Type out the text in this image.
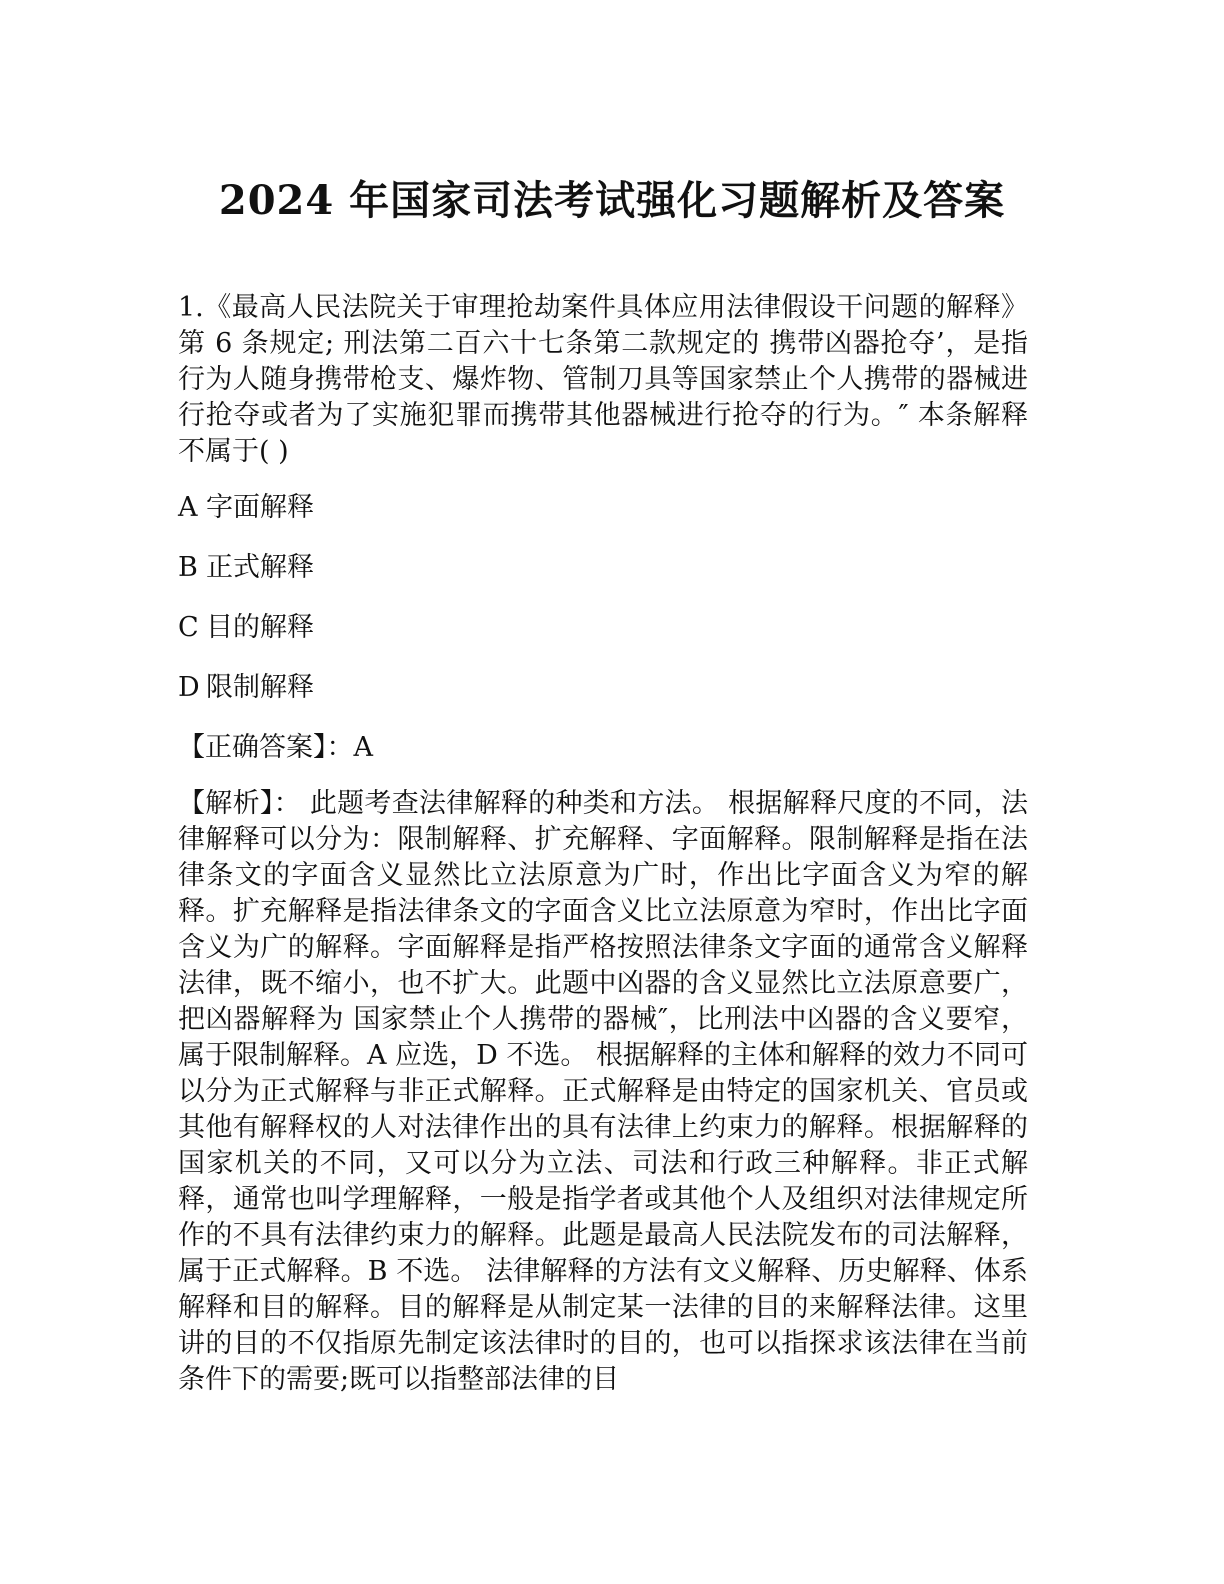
2024 年国家司法考试强化习题解析及答案

1.《最高人民法院关于审理抢劫案件具体应用法律假设干问题的解释》第 6 条规定; 刑法第二百六十七条第二款规定的 携带凶器抢夺’，是指行为人随身携带枪支、爆炸物、管制刀具等国家禁止个人携带的器械进行抢夺或者为了实施犯罪而携带其他器械进行抢夺的行为。″ 本条解释不属于( )

A 字面解释
B 正式解释
C 目的解释
D 限制解释

【正确答案】：A

【解析】： 此题考查法律解释的种类和方法。 根据解释尺度的不同，法律解释可以分为：限制解释、扩充解释、字面解释。限制解释是指在法律条文的字面含义显然比立法原意为广时，作出比字面含义为窄的解释。扩充解释是指法律条文的字面含义比立法原意为窄时，作出比字面含义为广的解释。字面解释是指严格按照法律条文字面的通常含义解释法律，既不缩小，也不扩大。此题中凶器的含义显然比立法原意要广，把凶器解释为 国家禁止个人携带的器械″，比刑法中凶器的含义要窄，属于限制解释。A 应选，D 不选。 根据解释的主体和解释的效力不同可以分为正式解释与非正式解释。正式解释是由特定的国家机关、官员或其他有解释权的人对法律作出的具有法律上约束力的解释。根据解释的国家机关的不同，又可以分为立法、司法和行政三种解释。非正式解释，通常也叫学理解释，一般是指学者或其他个人及组织对法律规定所作的不具有法律约束力的解释。此题是最高人民法院发布的司法解释，属于正式解释。B 不选。 法律解释的方法有文义解释、历史解释、体系解释和目的解释。目的解释是从制定某一法律的目的来解释法律。这里讲的目的不仅指原先制定该法律时的目的，也可以指探求该法律在当前条件下的需要;既可以指整部法律的目
